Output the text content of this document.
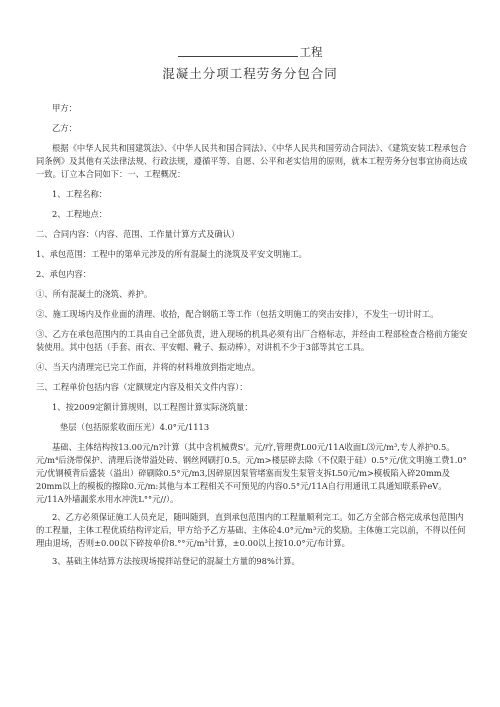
工程
混凝土分项工程劳务分包合同

甲方：

乙方：

根据《中华人民共和国建筑法》、《中华人民共和国合同法》、《中华人民共和国劳动合同法》、《建筑安装工程承包合同条例》及其他有关法律法规、行政法规，遵循平等、自愿、公平和老实信用的原则，就本工程劳务分包事宜协商达成一致。订立本合同如下：一、工程概况：

1、工程名称：

2、工程地点：

二、合同内容：（内容、范围、工作量计算方式及确认）

1、承包范围：工程中的第单元涉及的所有混凝土的浇筑及平安文明施工。

2、承包内容：

①、所有混凝土的浇筑、养护。

②、施工现场内及作业面的清理、收拾，配合钢筋工等工作（包括文明施工的突击安排），不发生一切计时工。

③、乙方在承包范围内的工具由自己全部负责，进入现场的机具必须有出厂合格标志，并经由工程部检查合格前方能安装使用。其中包括（手套、雨衣、平安帽、靴子、振动棒），对讲机不少于3部等其它工具。

④、当天内清理完已完工作面，并将的材料堆放到指定地点。

三、工程单价包括内容（定额规定内容及相关文件内容）：

1、按2009定额计算规则，以工程图计算实际浇筑量：

垫层（包括原浆收面压光）4.0°元/1113

基础、主体结构按13.00元/n?计算（其中含机械费S'。元/疗,管理费L00元/11A收面L⑶元/m³,专人养护0.5。元/m⁴后浇带保护、清理后浇带溢处砖、钢丝网刷打0.5。元/m>楼层碎去除（不仅限于硅）0.5°元/优文明施工费1.0°元/优钢模背后盛装（溢出）碎刷除0.5°元/m3,因碎原因泵管堵塞而发生泵管支拆L50元/m>模板陷入碎20mm及20mm以上的模板的擦除0.元/m:其他与本工程相关不可预见的内容0.5°元/11A自行用通讯工具通知联系砕eV。元/11A外墙漏浆水用水冲洗L°°元//）。

2、乙方必须保证施工人员充足，随叫随到，直到承包范围内的工程量顺利完工。如乙方全部合格完成承包范围内的工程量，主体工程优质结构评定后，甲方给予乙方基础、主体砼4.0°元/m³元的奖励。主体施工完以前，不得以任何理由退场，否则±0.00以下碎按单价8.°°元/m³计算，±0.00以上按10.0°元/布计算。

3、基础主体结算方法按现场搅拌站登记的混凝土方量的98%计算。
